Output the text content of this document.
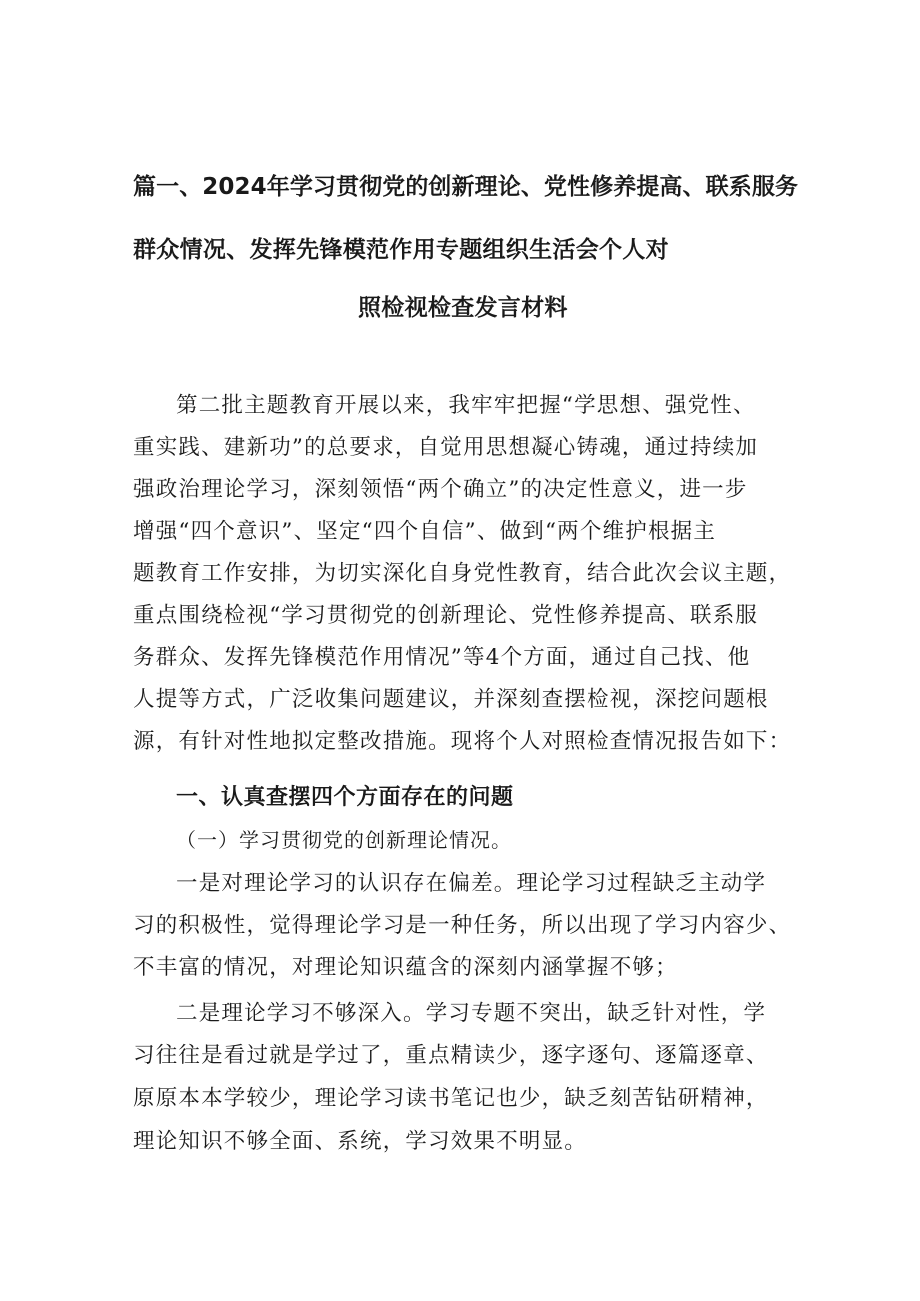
篇一、2024年学习贯彻党的创新理论、党性修养提高、联系服务
群众情况、发挥先锋模范作用专题组织生活会个人对
照检视检查发言材料
第二批主题教育开展以来，我牢牢把握“学思想、强党性、
重实践、建新功”的总要求，自觉用思想凝心铸魂，通过持续加
强政治理论学习，深刻领悟“两个确立”的决定性意义，进一步
增强“四个意识”、坚定“四个自信”、做到“两个维护根据主
题教育工作安排，为切实深化自身党性教育，结合此次会议主题，
重点围绕检视“学习贯彻党的创新理论、党性修养提高、联系服
务群众、发挥先锋模范作用情况”等4个方面，通过自己找、他
人提等方式，广泛收集问题建议，并深刻查摆检视，深挖问题根
源，有针对性地拟定整改措施。现将个人对照检查情况报告如下：
一、认真查摆四个方面存在的问题
（一）学习贯彻党的创新理论情况。
一是对理论学习的认识存在偏差。理论学习过程缺乏主动学
习的积极性，觉得理论学习是一种任务，所以出现了学习内容少、
不丰富的情况，对理论知识蕴含的深刻内涵掌握不够；
二是理论学习不够深入。学习专题不突出，缺乏针对性，学
习往往是看过就是学过了，重点精读少，逐字逐句、逐篇逐章、
原原本本学较少，理论学习读书笔记也少，缺乏刻苦钻研精神，
理论知识不够全面、系统，学习效果不明显。
